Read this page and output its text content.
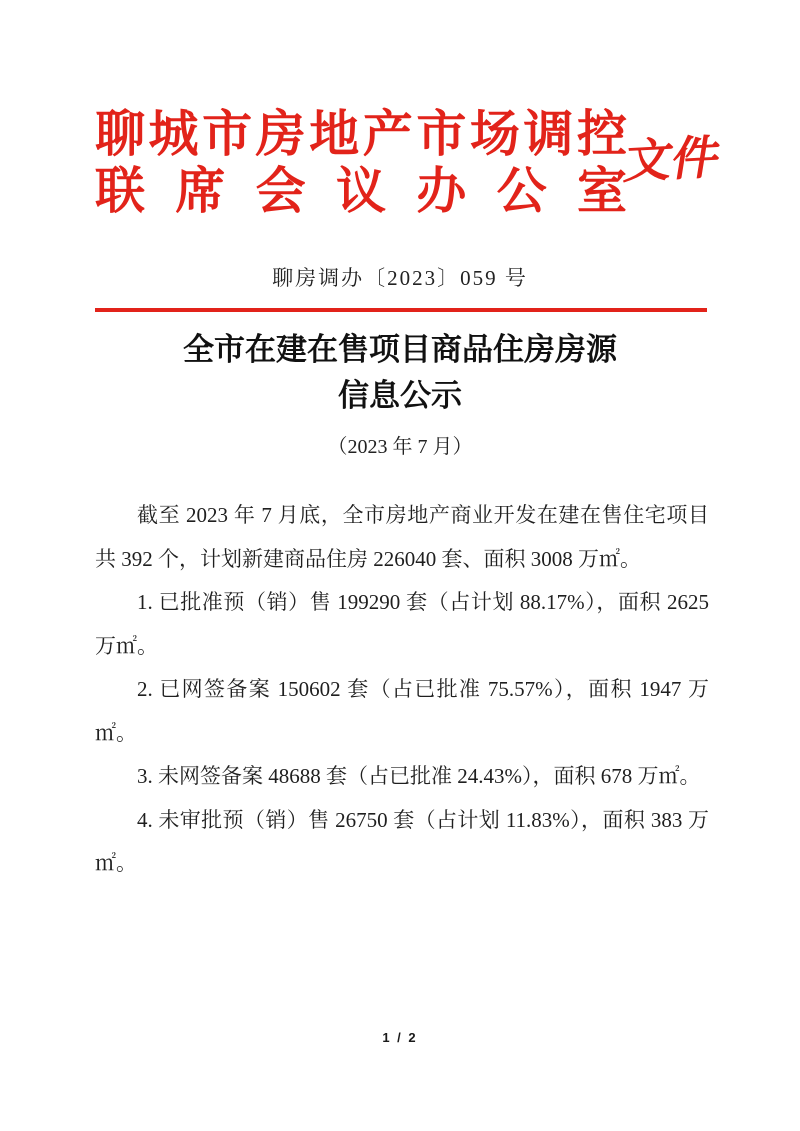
聊城市房地产市场调控
联席会议办公室
文件
聊房调办〔2023〕059 号
全市在建在售项目商品住房房源
信息公示
（2023 年 7 月）

截至 2023 年 7 月底，全市房地产商业开发在建在售住宅项目共 392 个，计划新建商品住房 226040 套、面积 3008 万㎡。

1. 已批准预（销）售 199290 套（占计划 88.17%），面积 2625 万㎡。

2. 已网签备案 150602 套（占已批准 75.57%），面积 1947 万㎡。

3. 未网签备案 48688 套（占已批准 24.43%），面积 678 万㎡。

4. 未审批预（销）售 26750 套（占计划 11.83%），面积 383 万㎡。

1 / 2
